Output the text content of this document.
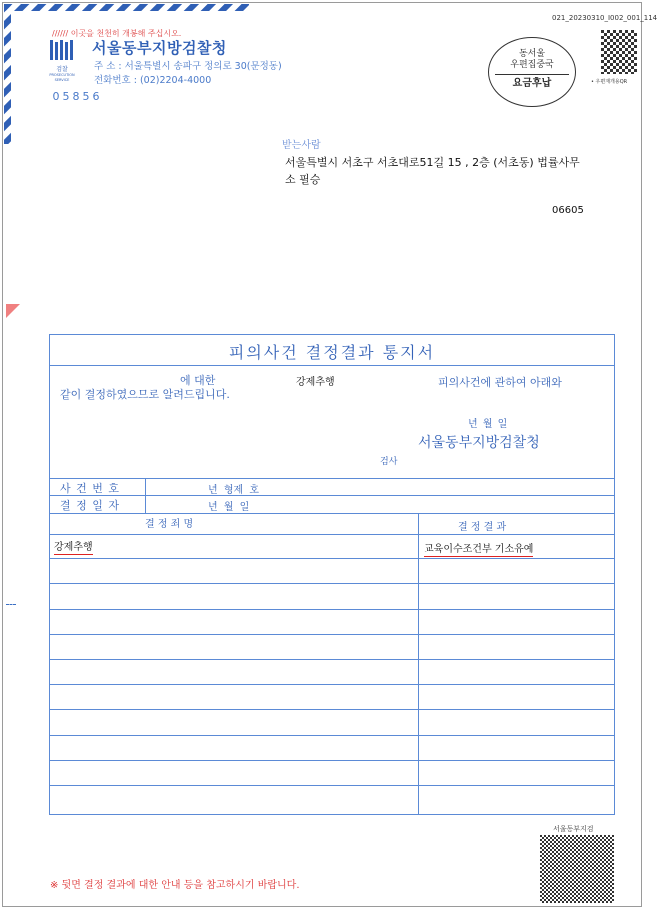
021_20230310_I002_001_114
////// 이곳을 천천히 개봉해 주십시오.
검찰
PROSECUTION SERVICE
서울동부지방검찰청
주 소 : 서울특별시 송파구 정의로 30(문정동)
전화번호 : (02)2204-4000
0 5 8 5 6
동서울
우편집중국
요금후납	• 우편재개용QR
받는사람
서울특별시 서초구 서초대로51길 15 , 2층 (서초동) 법률사무
소 필승
06605
피의사건 결정결과 통지서
에 대한	강제추행	피의사건에 관하여 아래와
같이 결정하였으므로 알려드립니다.
년 월 일
서울동부지방검찰청
검사
사 건 번 호	년 형제 호
결 정 일 자	년 월 일
결 정 죄 명	결 정 결 과
강제추행	교육이수조건부 기소유예
※ 뒷면 결정 결과에 대한 안내 등을 참고하시기 바랍니다.
서울동부지검
